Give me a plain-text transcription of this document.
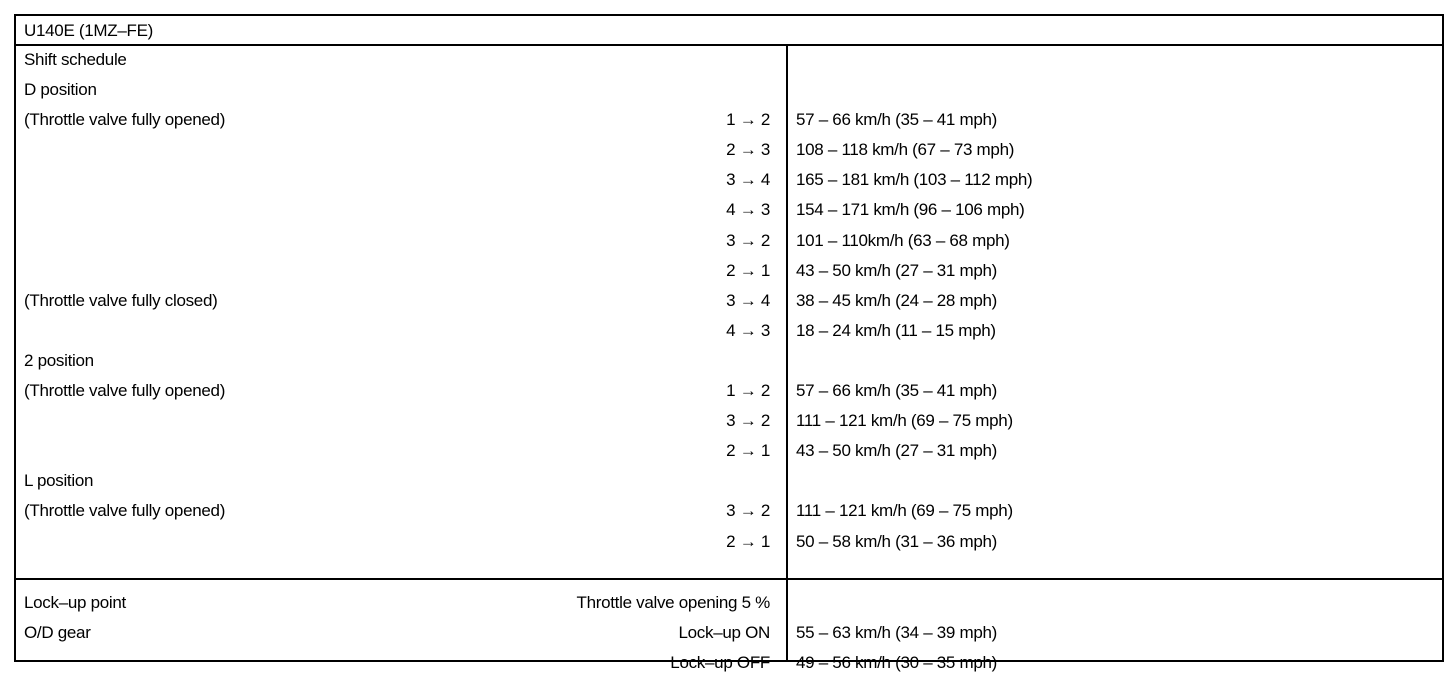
U140E (1MZ–FE)
Shift schedule
D position
(Throttle valve fully opened)	1 → 2 57 – 66 km/h (35 – 41 mph)
2 → 3 108 – 118 km/h (67 – 73 mph)
3 → 4 165 – 181 km/h (103 – 112 mph)
4 → 3 154 – 171 km/h (96 – 106 mph)
3 → 2 101 – 110km/h (63 – 68 mph)
2 → 1 43 – 50 km/h (27 – 31 mph)
(Throttle valve fully closed)	3 → 4 38 – 45 km/h (24 – 28 mph)
4 → 3 18 – 24 km/h (11 – 15 mph)
2 position
(Throttle valve fully opened)	1 → 2 57 – 66 km/h (35 – 41 mph)
3 → 2 111 – 121 km/h (69 – 75 mph)
2 → 1 43 – 50 km/h (27 – 31 mph)
L position
(Throttle valve fully opened)	3 → 2 111 – 121 km/h (69 – 75 mph)
2 → 1 50 – 58 km/h (31 – 36 mph)
Lock–up point	Throttle valve opening 5 %
O/D gear	Lock–up ON 55 – 63 km/h (34 – 39 mph)
Lock–up OFF 49 – 56 km/h (30 – 35 mph)
